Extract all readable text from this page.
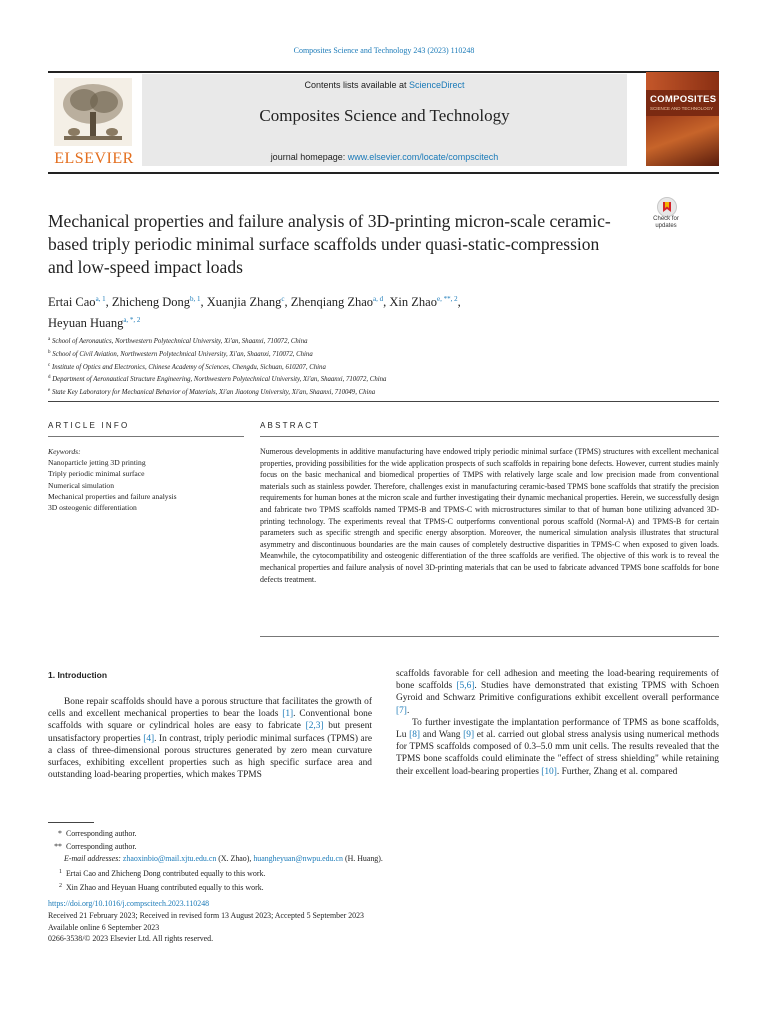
Composites Science and Technology 243 (2023) 110248
ELSEVIER
Contents lists available at ScienceDirect
Composites Science and Technology
journal homepage: www.elsevier.com/locate/compscitech
COMPOSITES
SCIENCE AND TECHNOLOGY
Check for
updates
Mechanical properties and failure analysis of 3D-printing micron-scale ceramic-based triply periodic minimal surface scaffolds under quasi-static-compression and low-speed impact loads
Ertai Cao$^{a, 1}$, Zhicheng Dong$^{b, 1}$, Xuanjia Zhang$^c$, Zhenqiang Zhao$^{a, d}$, Xin Zhao$^{e, **, 2}$,
Heyuan Huang$^{a, *, 2}$
$^a$ School of Aeronautics, Northwestern Polytechnical University, Xi'an, Shaanxi, 710072, China
$^b$ School of Civil Aviation, Northwestern Polytechnical University, Xi'an, Shaanxi, 710072, China
$^c$ Institute of Optics and Electronics, Chinese Academy of Sciences, Chengdu, Sichuan, 610207, China
$^d$ Department of Aeronautical Structure Engineering, Northwestern Polytechnical University, Xi'an, Shaanxi, 710072, China
$^e$ State Key Laboratory for Mechanical Behavior of Materials, Xi'an Jiaotong University, Xi'an, Shaanxi, 710049, China
ARTICLE INFO
Keywords:
Nanoparticle jetting 3D printing
Triply periodic minimal surface
Numerical simulation
Mechanical properties and failure analysis
3D osteogenic differentiation
ABSTRACT
Numerous developments in additive manufacturing have endowed triply periodic minimal surface (TPMS) structures with excellent mechanical properties, providing possibilities for the wide application prospects of such scaffolds in repairing bone defects. However, current studies mainly focus on the basic mechanical and biomedical properties of TMPS with relatively large scale and low precision made from conventional materials such as stainless powder. Therefore, challenges exist in manufacturing ceramic-based TPMS bone scaffolds that stratify the precision requirements for human bones at the micron scale and further investigating their dynamic mechanical properties. Herein, we successfully design and fabricate two TPMS scaffolds named TPMS-B and TPMS-C with microstructures similar to that of human bone utilizing advanced 3D-printing technology. The experiments reveal that TPMS-C outperforms conventional porous scaffold (Normal-A) and TPMS-B for certain parameters such as specific strength and specific energy absorption. Moreover, the numerical simulation analysis illustrates that structural asymmetry and discontinuous boundaries are the main causes of completely destructive disparities in TPMS-C when exposed to given loads. Meanwhile, the cytocompatibility and osteogenic differentiation of the three scaffolds are verified. The objective of this work is to reveal the mechanical properties and failure analysis of novel 3D-printing materials that can be used to fabricate advanced TPMS bone scaffolds for bone defects treatment.
1. Introduction
Bone repair scaffolds should have a porous structure that facilitates the growth of cells and excellent mechanical properties to bear the loads [1]. Conventional bone scaffolds with square or cylindrical holes are easy to fabricate [2,3] but present unsatisfactory properties [4]. In contrast, triply periodic minimal surfaces (TPMS) are a class of three-dimensional porous structures generated by zero mean curvature surfaces, exhibiting excellent properties such as high specific surface area and outstanding load-bearing properties, which makes TPMS

scaffolds favorable for cell adhesion and meeting the load-bearing requirements of bone scaffolds [5,6]. Studies have demonstrated that existing TPMS with Schoen Gyroid and Schwarz Primitive configurations exhibit excellent overall performance [7].

To further investigate the implantation performance of TPMS as bone scaffolds, Lu [8] and Wang [9] et al. carried out global stress analysis using numerical methods for TPMS scaffolds composed of 0.3–5.0 mm unit cells. The results revealed that the TPMS bone scaffolds could eliminate the "effect of stress shielding" while retaining their excellent load-bearing properties [10]. Further, Zhang et al. compared

* Corresponding author.

** Corresponding author.

E-mail addresses: zhaoxinbio@mail.xjtu.edu.cn (X. Zhao), huangheyuan@nwpu.edu.cn (H. Huang).

1 Ertai Cao and Zhicheng Dong contributed equally to this work.

2 Xin Zhao and Heyuan Huang contributed equally to this work.

https://doi.org/10.1016/j.compscitech.2023.110248

Received 21 February 2023; Received in revised form 13 August 2023; Accepted 5 September 2023

Available online 6 September 2023

0266-3538/© 2023 Elsevier Ltd. All rights reserved.
